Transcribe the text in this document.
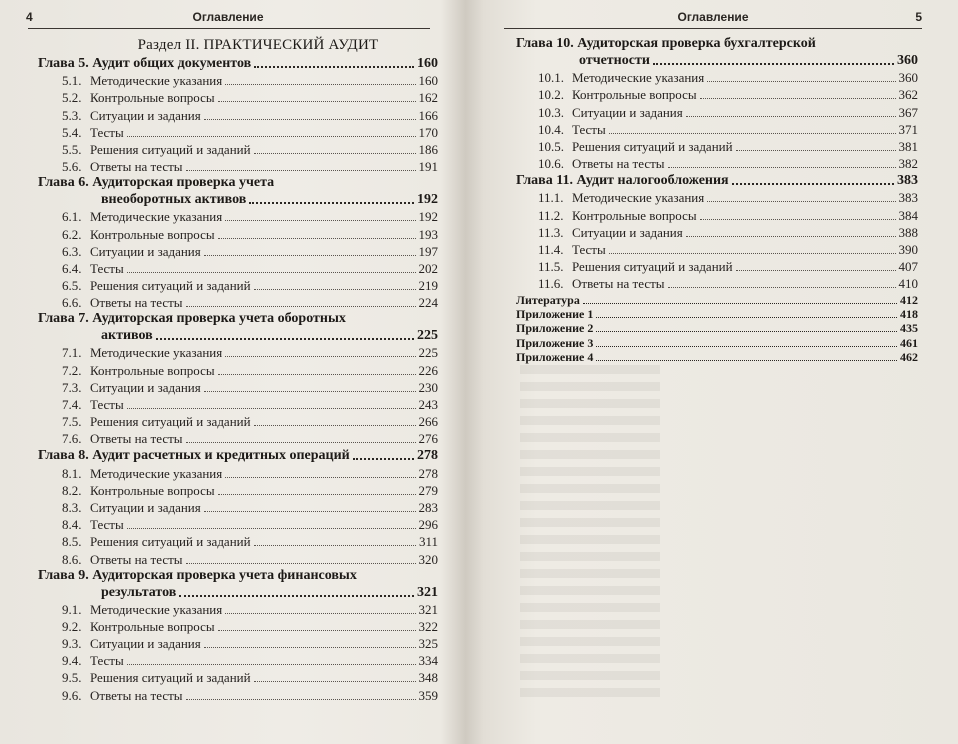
4	Оглавление
Раздел II. ПРАКТИЧЕСКИЙ АУДИТ
Глава 5. Аудит общих документов	160
5.1. Методические указания	160
5.2. Контрольные вопросы	162
5.3. Ситуации и задания	166
5.4. Тесты	170
5.5. Решения ситуаций и заданий	186
5.6. Ответы на тесты	191
Глава 6. Аудиторская проверка учета
внеоборотных активов	192
6.1. Методические указания	192
6.2. Контрольные вопросы	193
6.3. Ситуации и задания	197
6.4. Тесты	202
6.5. Решения ситуаций и заданий	219
6.6. Ответы на тесты	224
Глава 7. Аудиторская проверка учета оборотных
активов	225
7.1. Методические указания	225
7.2. Контрольные вопросы	226
7.3. Ситуации и задания	230
7.4. Тесты	243
7.5. Решения ситуаций и заданий	266
7.6. Ответы на тесты	276
Глава 8. Аудит расчетных и кредитных операций	278
8.1. Методические указания	278
8.2. Контрольные вопросы	279
8.3. Ситуации и задания	283
8.4. Тесты	296
8.5. Решения ситуаций и заданий	311
8.6. Ответы на тесты	320
Глава 9. Аудиторская проверка учета финансовых
результатов	321
9.1. Методические указания	321
9.2. Контрольные вопросы	322
9.3. Ситуации и задания	325
9.4. Тесты	334
9.5. Решения ситуаций и заданий	348
9.6. Ответы на тесты	359
Оглавление	5
Глава 10. Аудиторская проверка бухгалтерской
отчетности	360
10.1. Методические указания	360
10.2. Контрольные вопросы	362
10.3. Ситуации и задания	367
10.4. Тесты	371
10.5. Решения ситуаций и заданий	381
10.6. Ответы на тесты	382
Глава 11. Аудит налогообложения	383
11.1. Методические указания	383
11.2. Контрольные вопросы	384
11.3. Ситуации и задания	388
11.4. Тесты	390
11.5. Решения ситуаций и заданий	407
11.6. Ответы на тесты	410
Литература	412
Приложение 1	418
Приложение 2	435
Приложение 3	461
Приложение 4	462
